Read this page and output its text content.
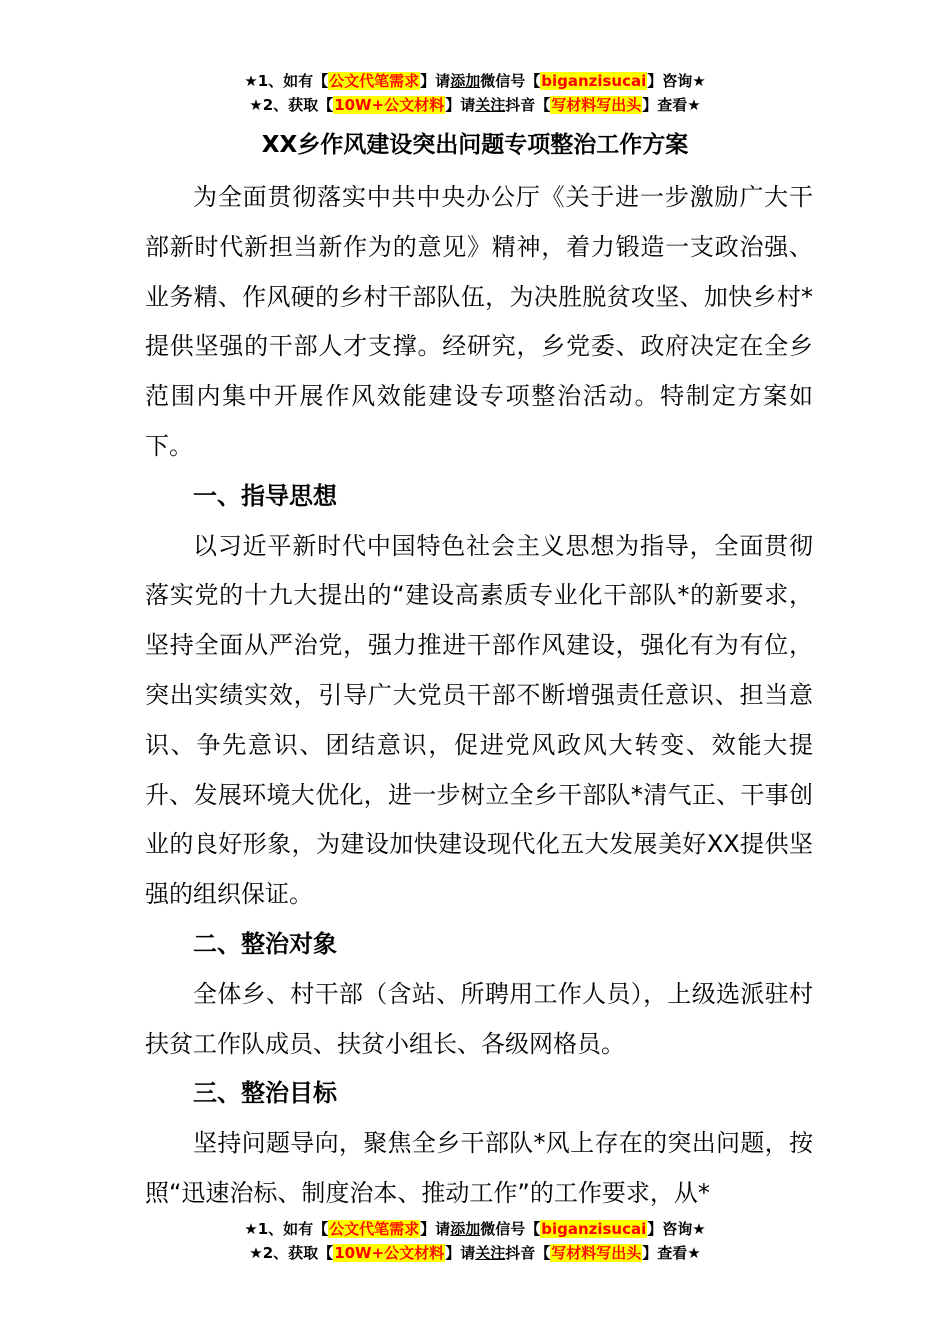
★1、如有【公文代笔需求】请添加微信号【biganzisucai】咨询★
★2、获取【10W+公文材料】请关注抖音【写材料写出头】查看★
XX乡作风建设突出问题专项整治工作方案

为全面贯彻落实中共中央办公厅《关于进一步激励广大干部新时代新担当新作为的意见》精神，着力锻造一支政治强、业务精、作风硬的乡村干部队伍，为决胜脱贫攻坚、加快乡村*提供坚强的干部人才支撑。经研究，乡党委、政府决定在全乡范围内集中开展作风效能建设专项整治活动。特制定方案如下。

一、指导思想

以习近平新时代中国特色社会主义思想为指导，全面贯彻落实党的十九大提出的“建设高素质专业化干部队*的新要求，坚持全面从严治党，强力推进干部作风建设，强化有为有位，突出实绩实效，引导广大党员干部不断增强责任意识、担当意识、争先意识、团结意识，促进党风政风大转变、效能大提升、发展环境大优化，进一步树立全乡干部队*清气正、干事创业的良好形象，为建设加快建设现代化五大发展美好XX提供坚强的组织保证。

二、整治对象

全体乡、村干部（含站、所聘用工作人员），上级选派驻村扶贫工作队成员、扶贫小组长、各级网格员。

三、整治目标

坚持问题导向，聚焦全乡干部队*风上存在的突出问题，按照“迅速治标、制度治本、推动工作”的工作要求，从*

★1、如有【公文代笔需求】请添加微信号【biganzisucai】咨询★
★2、获取【10W+公文材料】请关注抖音【写材料写出头】查看★
